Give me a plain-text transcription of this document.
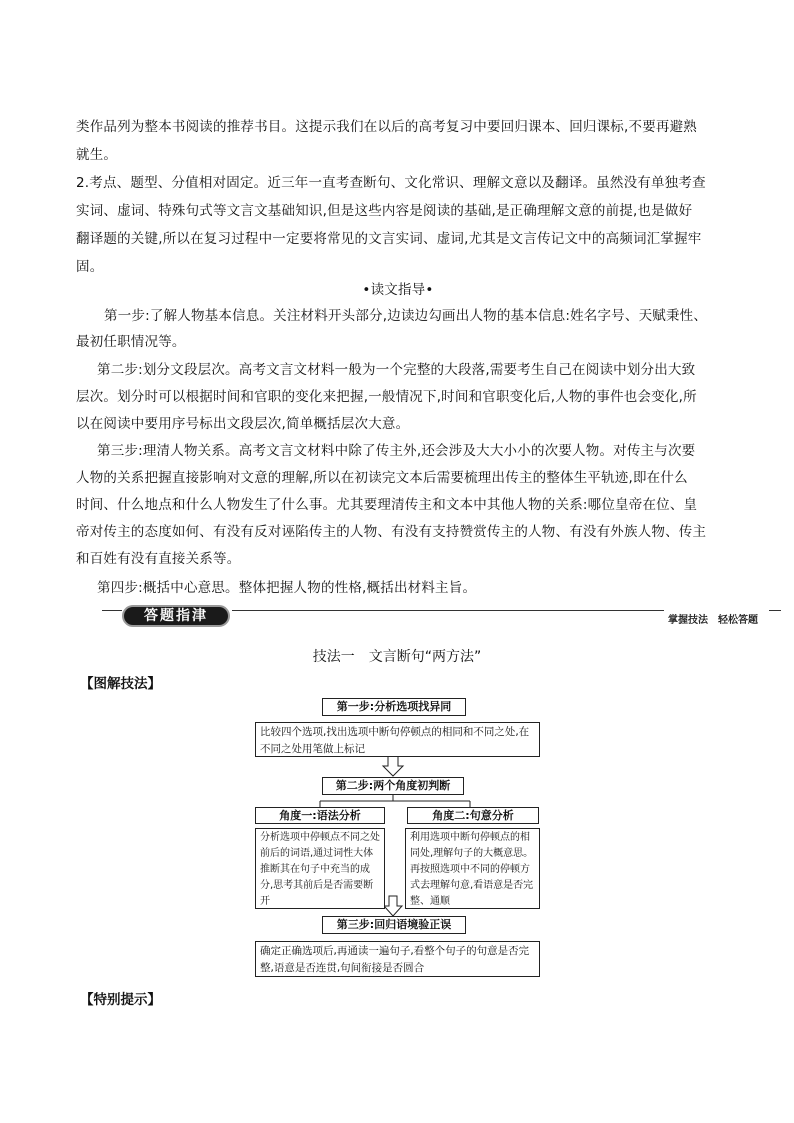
类作品列为整本书阅读的推荐书目。这提示我们在以后的高考复习中要回归课本、回归课标,不要再避熟
就生。
2.考点、题型、分值相对固定。近三年一直考查断句、文化常识、理解文意以及翻译。虽然没有单独考查
实词、虚词、特殊句式等文言文基础知识,但是这些内容是阅读的基础,是正确理解文意的前提,也是做好
翻译题的关键,所以在复习过程中一定要将常见的文言实词、虚词,尤其是文言传记文中的高频词汇掌握牢
固。
•读文指导•
第一步:了解人物基本信息。关注材料开头部分,边读边勾画出人物的基本信息:姓名字号、天赋秉性、
最初任职情况等。
第二步:划分文段层次。高考文言文材料一般为一个完整的大段落,需要考生自己在阅读中划分出大致
层次。划分时可以根据时间和官职的变化来把握,一般情况下,时间和官职变化后,人物的事件也会变化,所
以在阅读中要用序号标出文段层次,简单概括层次大意。
第三步:理清人物关系。高考文言文材料中除了传主外,还会涉及大大小小的次要人物。对传主与次要
人物的关系把握直接影响对文意的理解,所以在初读完文本后需要梳理出传主的整体生平轨迹,即在什么
时间、什么地点和什么人物发生了什么事。尤其要理清传主和文本中其他人物的关系:哪位皇帝在位、皇
帝对传主的态度如何、有没有反对诬陷传主的人物、有没有支持赞赏传主的人物、有没有外族人物、传主
和百姓有没有直接关系等。
第四步:概括中心意思。整体把握人物的性格,概括出材料主旨。
答题指津	掌握技法　轻松答题
技法一　文言断句“两方法”
【图解技法】
第一步:分析选项找异同
比较四个选项,找出选项中断句停顿点的相同和不同之处,在不同之处用笔做上标记
第二步:两个角度初判断
角度一:语法分析
分析选项中停顿点不同之处前后的词语,通过词性大体推断其在句子中充当的成分,思考其前后是否需要断开
角度二:句意分析
利用选项中断句停顿点的相同处,理解句子的大概意思。再按照选项中不同的停顿方式去理解句意,看语意是否完整、通顺
第三步:回归语境验正误
确定正确选项后,再通读一遍句子,看整个句子的句意是否完整,语意是否连贯,句间衔接是否圆合
【特别提示】
